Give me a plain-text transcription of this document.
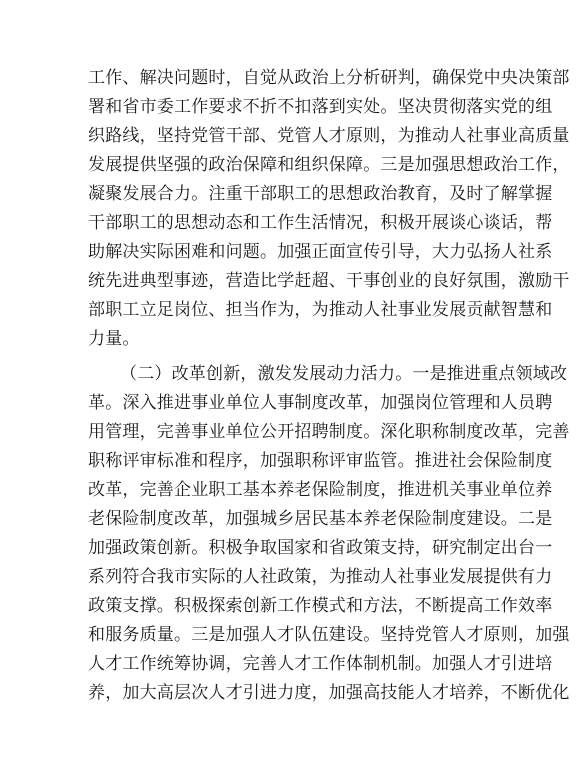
工作、解决问题时，自觉从政治上分析研判，确保党中央决策部
署和省市委工作要求不折不扣落到实处。坚决贯彻落实党的组
织路线，坚持党管干部、党管人才原则，为推动人社事业高质量
发展提供坚强的政治保障和组织保障。三是加强思想政治工作，
凝聚发展合力。注重干部职工的思想政治教育，及时了解掌握
干部职工的思想动态和工作生活情况，积极开展谈心谈话，帮
助解决实际困难和问题。加强正面宣传引导，大力弘扬人社系
统先进典型事迹，营造比学赶超、干事创业的良好氛围，激励干
部职工立足岗位、担当作为，为推动人社事业发展贡献智慧和
力量。
（二）改革创新，激发发展动力活力。一是推进重点领域改
革。深入推进事业单位人事制度改革，加强岗位管理和人员聘
用管理，完善事业单位公开招聘制度。深化职称制度改革，完善
职称评审标准和程序，加强职称评审监管。推进社会保险制度
改革，完善企业职工基本养老保险制度，推进机关事业单位养
老保险制度改革，加强城乡居民基本养老保险制度建设。二是
加强政策创新。积极争取国家和省政策支持，研究制定出台一
系列符合我市实际的人社政策，为推动人社事业发展提供有力
政策支撑。积极探索创新工作模式和方法，不断提高工作效率
和服务质量。三是加强人才队伍建设。坚持党管人才原则，加强
人才工作统筹协调，完善人才工作体制机制。加强人才引进培
养，加大高层次人才引进力度，加强高技能人才培养，不断优化
